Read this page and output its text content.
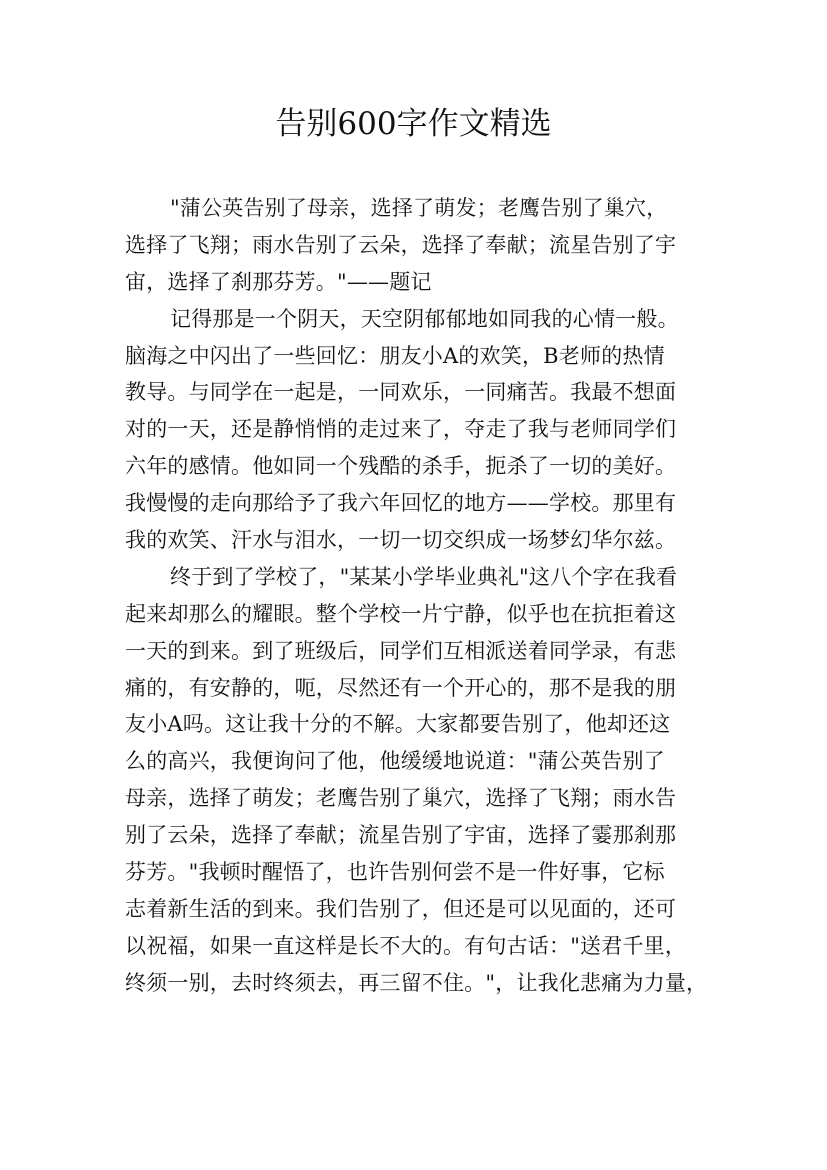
告别600字作文精选

"蒲公英告别了母亲，选择了萌发；老鹰告别了巢穴，

选择了飞翔；雨水告别了云朵，选择了奉献；流星告别了宇

宙，选择了刹那芬芳。"——题记

记得那是一个阴天，天空阴郁郁地如同我的心情一般。

脑海之中闪出了一些回忆：朋友小A的欢笑，B老师的热情

教导。与同学在一起是，一同欢乐，一同痛苦。我最不想面

对的一天，还是静悄悄的走过来了，夺走了我与老师同学们

六年的感情。他如同一个残酷的杀手，扼杀了一切的美好。

我慢慢的走向那给予了我六年回忆的地方——学校。那里有

我的欢笑、汗水与泪水，一切一切交织成一场梦幻华尔兹。

终于到了学校了，"某某小学毕业典礼"这八个字在我看

起来却那么的耀眼。整个学校一片宁静，似乎也在抗拒着这

一天的到来。到了班级后，同学们互相派送着同学录，有悲

痛的，有安静的，呃，尽然还有一个开心的，那不是我的朋

友小A吗。这让我十分的不解。大家都要告别了，他却还这

么的高兴，我便询问了他，他缓缓地说道："蒲公英告别了

母亲，选择了萌发；老鹰告别了巢穴，选择了飞翔；雨水告

别了云朵，选择了奉献；流星告别了宇宙，选择了霎那刹那

芬芳。"我顿时醒悟了，也许告别何尝不是一件好事，它标

志着新生活的到来。我们告别了，但还是可以见面的，还可

以祝福，如果一直这样是长不大的。有句古话："送君千里，

终须一别，去时终须去，再三留不住。"，让我化悲痛为力量，
